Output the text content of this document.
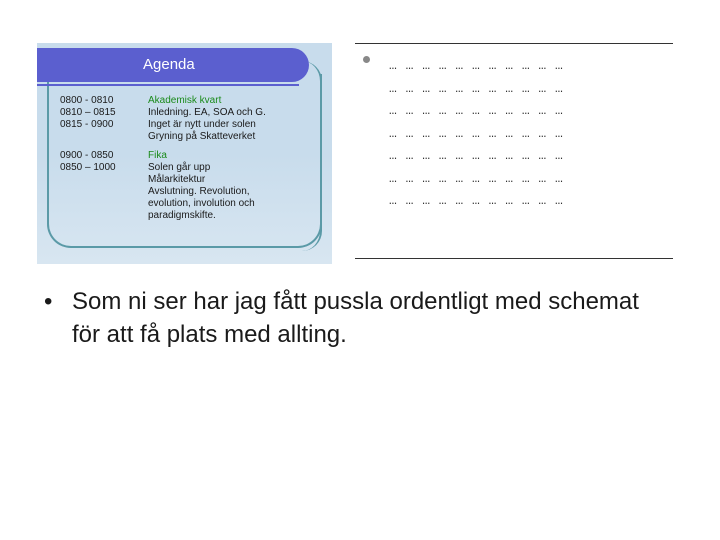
Agenda
0800 - 0810	Akademisk kvart
0810 – 0815	Inledning. EA, SOA och G.
0815 - 0900	Inget är nytt under solen
Gryning på Skatteverket
0900 - 0850	Fika
0850 – 1000	Solen går upp
Målarkitektur
Avslutning. Revolution,
evolution, involution och
paradigmskifte.
… … … … … … … … … … …
… … … … … … … … … … …
… … … … … … … … … … …
… … … … … … … … … … …
… … … … … … … … … … …
… … … … … … … … … … …
… … … … … … … … … … …
• Som ni ser har jag fått pussla ordentligt med schemat för att få plats med allting.
